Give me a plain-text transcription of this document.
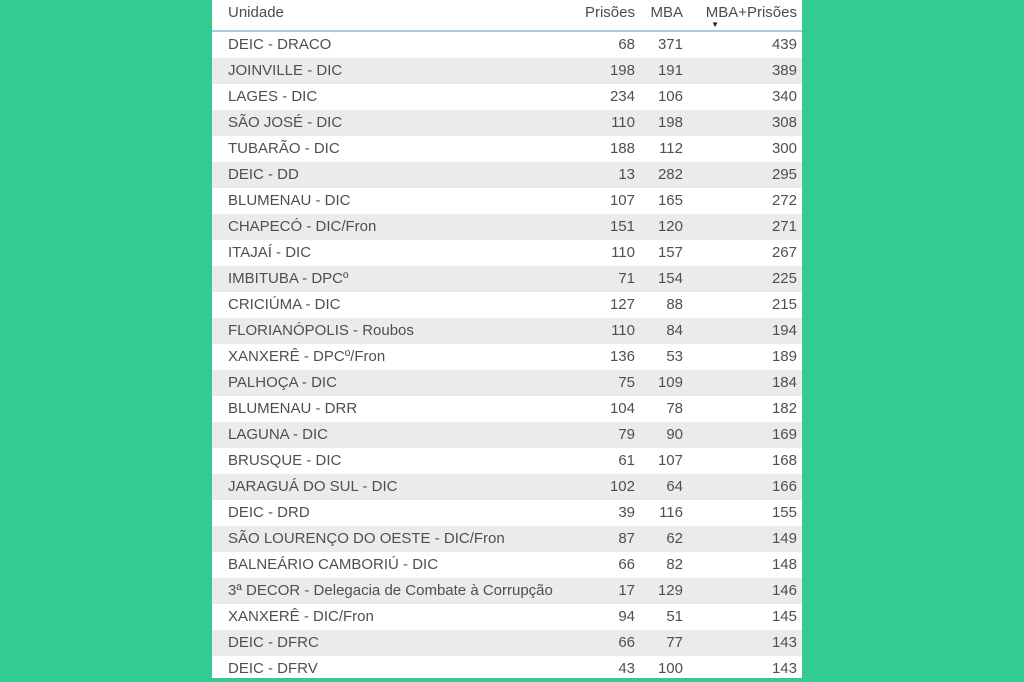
Unidade	Prisões	MBA	MBA+Prisões
▼
DEIC - DRACO	68	371	439
JOINVILLE - DIC	198	191	389
LAGES - DIC	234	106	340
SÃO JOSÉ - DIC	110	198	308
TUBARÃO - DIC	188	112	300
DEIC - DD	13	282	295
BLUMENAU - DIC	107	165	272
CHAPECÓ - DIC/Fron	151	120	271
ITAJAÍ - DIC	110	157	267
IMBITUBA - DPCº	71	154	225
CRICIÚMA - DIC	127	88	215
FLORIANÓPOLIS - Roubos	110	84	194
XANXERÊ - DPCº/Fron	136	53	189
PALHOÇA - DIC	75	109	184
BLUMENAU - DRR	104	78	182
LAGUNA - DIC	79	90	169
BRUSQUE - DIC	61	107	168
JARAGUÁ DO SUL - DIC	102	64	166
DEIC - DRD	39	116	155
SÃO LOURENÇO DO OESTE - DIC/Fron	87	62	149
BALNEÁRIO CAMBORIÚ - DIC	66	82	148
3ª DECOR - Delegacia de Combate à Corrupção	17	129	146
XANXERÊ - DIC/Fron	94	51	145
DEIC - DFRC	66	77	143
DEIC - DFRV	43	100	143
